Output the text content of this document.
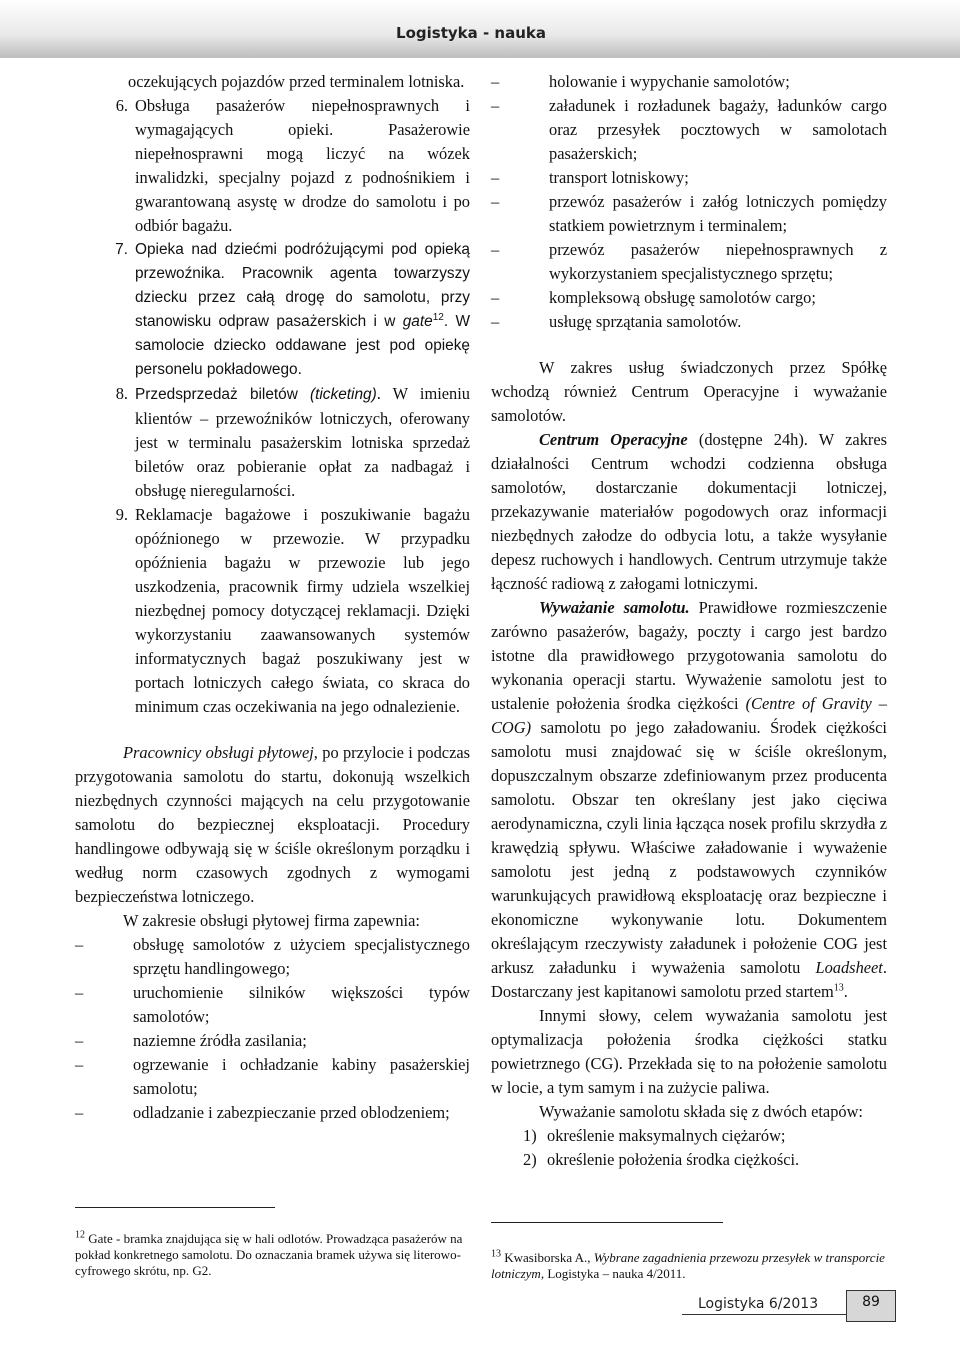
Logistyka - nauka

oczekujących pojazdów przed terminalem lotniska.

6. Obsługa pasażerów niepełnosprawnych i wymagających opieki. Pasażerowie niepełnosprawni mogą liczyć na wózek inwalidzki, specjalny pojazd z podnośnikiem i gwarantowaną asystę w drodze do samolotu i po odbiór bagażu.
7. Opieka nad dziećmi podróżującymi pod opieką przewoźnika. Pracownik agenta towarzyszy dziecku przez całą drogę do samolotu, przy stanowisku odpraw pasażerskich i w gate$^{12}$. W samolocie dziecko oddawane jest pod opiekę personelu pokładowego.
8. Przedsprzedaż biletów (ticketing). W imieniu klientów – przewoźników lotniczych, oferowany jest w terminalu pasażerskim lotniska sprzedaż biletów oraz pobieranie opłat za nadbagaż i obsługę nieregularności.
9. Reklamacje bagażowe i poszukiwanie bagażu opóźnionego w przewozie. W przypadku opóźnienia bagażu w przewozie lub jego uszkodzenia, pracownik firmy udziela wszelkiej niezbędnej pomocy dotyczącej reklamacji. Dzięki wykorzystaniu zaawansowanych systemów informatycznych bagaż poszukiwany jest w portach lotniczych całego świata, co skraca do minimum czas oczekiwania na jego odnalezienie.

Pracownicy obsługi płytowej, po przylocie i podczas przygotowania samolotu do startu, dokonują wszelkich niezbędnych czynności mających na celu przygotowanie samolotu do bezpiecznej eksploatacji. Procedury handlingowe odbywają się w ściśle określonym porządku i według norm czasowych zgodnych z wymogami bezpieczeństwa lotniczego.

W zakresie obsługi płytowej firma zapewnia:

–	obsługę samolotów z użyciem specjalistycznego sprzętu handlingowego;
–	uruchomienie silników większości typów samolotów;
–	naziemne źródła zasilania;
–	ogrzewanie i ochładzanie kabiny pasażerskiej samolotu;
–	odladzanie i zabezpieczanie przed oblodzeniem;
–	holowanie i wypychanie samolotów;
–	załadunek i rozładunek bagaży, ładunków cargo oraz przesyłek pocztowych w samolotach pasażerskich;
–	transport lotniskowy;
–	przewóz pasażerów i załóg lotniczych pomiędzy statkiem powietrznym i terminalem;
–	przewóz pasażerów niepełnosprawnych z wykorzystaniem specjalistycznego sprzętu;
–	kompleksową obsługę samolotów cargo;
–	usługę sprzątania samolotów.

W zakres usług świadczonych przez Spółkę wchodzą również Centrum Operacyjne i wyważanie samolotów.

Centrum Operacyjne (dostępne 24h). W zakres działalności Centrum wchodzi codzienna obsługa samolotów, dostarczanie dokumentacji lotniczej, przekazywanie materiałów pogodowych oraz informacji niezbędnych załodze do odbycia lotu, a także wysyłanie depesz ruchowych i handlowych. Centrum utrzymuje także łączność radiową z załogami lotniczymi.

Wyważanie samolotu. Prawidłowe rozmieszczenie zarówno pasażerów, bagaży, poczty i cargo jest bardzo istotne dla prawidłowego przygotowania samolotu do wykonania operacji startu. Wyważenie samolotu jest to ustalenie położenia środka ciężkości (Centre of Gravity – COG) samolotu po jego załadowaniu. Środek ciężkości samolotu musi znajdować się w ściśle określonym, dopuszczalnym obszarze zdefiniowanym przez producenta samolotu. Obszar ten określany jest jako cięciwa aerodynamiczna, czyli linia łącząca nosek profilu skrzydła z krawędzią spływu. Właściwe załadowanie i wyważenie samolotu jest jedną z podstawowych czynników warunkujących prawidłową eksploatację oraz bezpieczne i ekonomiczne wykonywanie lotu. Dokumentem określającym rzeczywisty załadunek i położenie COG jest arkusz załadunku i wyważenia samolotu Loadsheet. Dostarczany jest kapitanowi samolotu przed startem$^{13}$.

Innymi słowy, celem wyważania samolotu jest optymalizacja położenia środka ciężkości statku powietrznego (CG). Przekłada się to na położenie samolotu w locie, a tym samym i na zużycie paliwa.

Wyważanie samolotu składa się z dwóch etapów:

1) określenie maksymalnych ciężarów;
2) określenie położenia środka ciężkości.
$^{12}$ Gate - bramka znajdująca się w hali odlotów. Prowadząca pasażerów na pokład konkretnego samolotu. Do oznaczania bramek używa się literowo-cyfrowego skrótu, np. G2.
$^{13}$ Kwasiborska A., Wybrane zagadnienia przewozu przesyłek w transporcie lotniczym, Logistyka – nauka 4/2011.
Logistyka 6/2013	89
